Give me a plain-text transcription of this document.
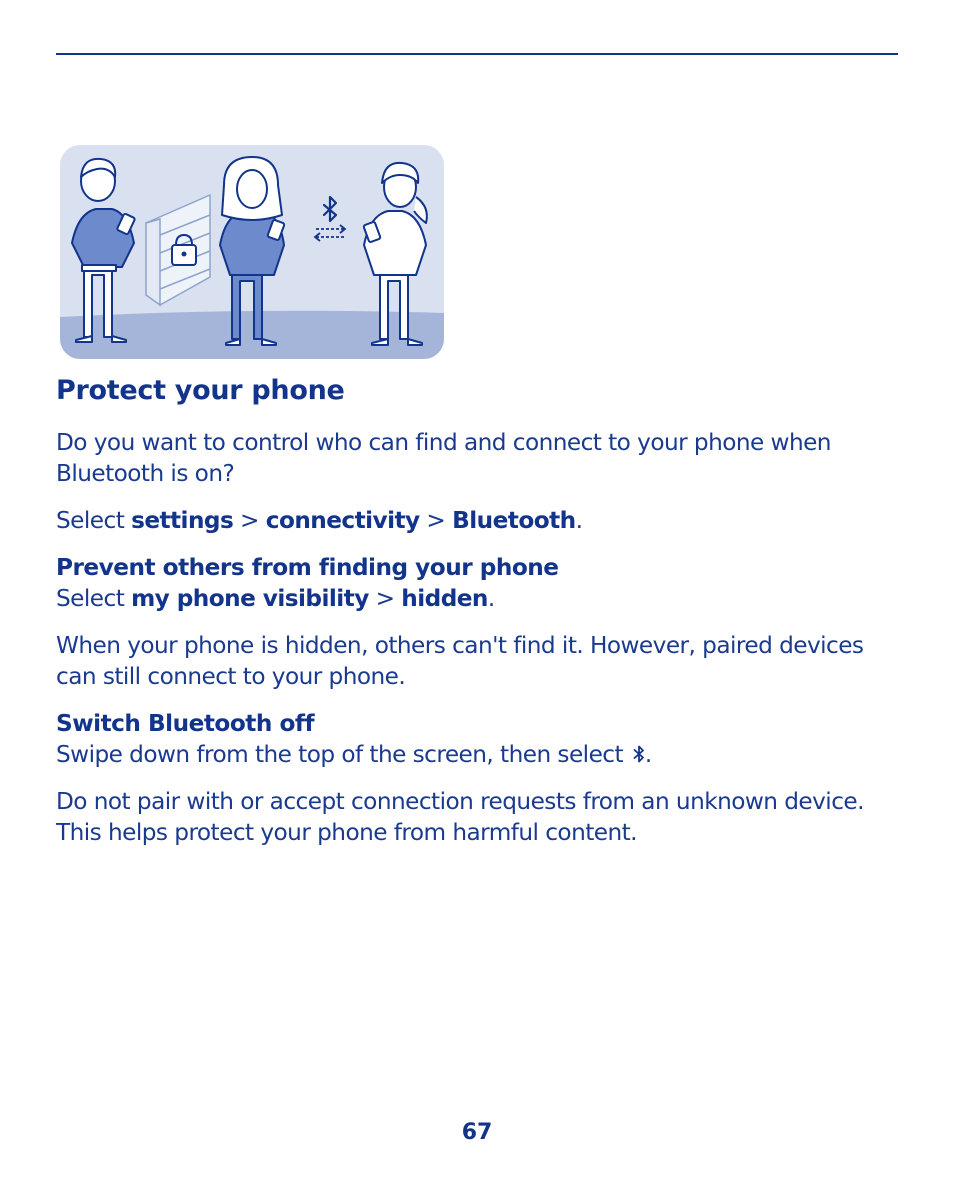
Protect your phone

Do you want to control who can find and connect to your phone when Bluetooth is on?

Select settings > connectivity > Bluetooth.

Prevent others from finding your phone

Select my phone visibility > hidden.

When your phone is hidden, others can't find it. However, paired devices can still connect to your phone.

Switch Bluetooth off

Swipe down from the top of the screen, then select .

Do not pair with or accept connection requests from an unknown device. This helps protect your phone from harmful content.

67
